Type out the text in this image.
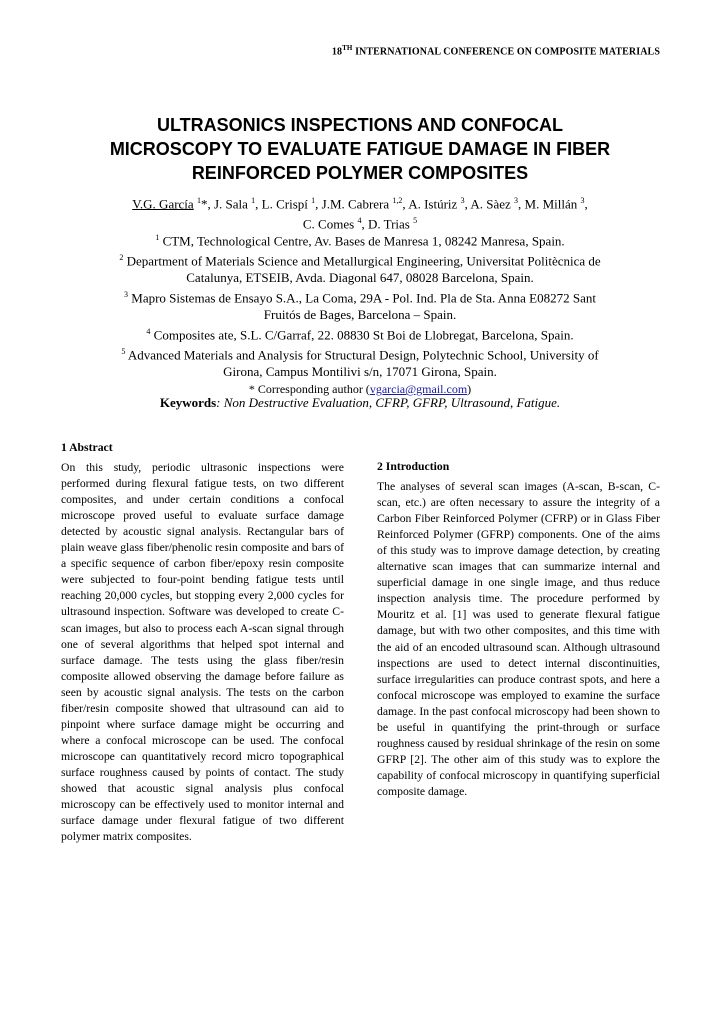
18TH INTERNATIONAL CONFERENCE ON COMPOSITE MATERIALS
ULTRASONICS INSPECTIONS AND CONFOCAL
MICROSCOPY TO EVALUATE FATIGUE DAMAGE IN FIBER
REINFORCED POLYMER COMPOSITES
V.G. García $^1$*, J. Sala $^1$, L. Crispí $^1$, J.M. Cabrera $^{1,2}$, A. Istúriz $^3$, A. Sàez $^3$, M. Millán $^3$,
C. Comes $^4$, D. Trias $^5$
$^1$ CTM, Technological Centre, Av. Bases de Manresa 1, 08242 Manresa, Spain.
$^2$ Department of Materials Science and Metallurgical Engineering, Universitat Politècnica de
Catalunya, ETSEIB, Avda. Diagonal 647, 08028 Barcelona, Spain.
$^3$ Mapro Sistemas de Ensayo S.A., La Coma, 29A - Pol. Ind. Pla de Sta. Anna E08272 Sant
Fruitós de Bages, Barcelona – Spain.
$^4$ Composites ate, S.L. C/Garraf, 22. 08830 St Boi de Llobregat, Barcelona, Spain.
$^5$ Advanced Materials and Analysis for Structural Design, Polytechnic School, University of
Girona, Campus Montilivi s/n, 17071 Girona, Spain.
* Corresponding author (vgarcia@gmail.com)
Keywords: Non Destructive Evaluation, CFRP, GFRP, Ultrasound, Fatigue.
1 Abstract

On this study, periodic ultrasonic inspections were performed during flexural fatigue tests, on two different composites, and under certain conditions a confocal microscope proved useful to evaluate surface damage detected by acoustic signal analysis. Rectangular bars of plain weave glass fiber/phenolic resin composite and bars of a specific sequence of carbon fiber/epoxy resin composite were subjected to four-point bending fatigue tests until reaching 20,000 cycles, but stopping every 2,000 cycles for ultrasound inspection. Software was developed to create C-scan images, but also to process each A-scan signal through one of several algorithms that helped spot internal and surface damage. The tests using the glass fiber/resin composite allowed observing the damage before failure as seen by acoustic signal analysis. The tests on the carbon fiber/resin composite showed that ultrasound can aid to pinpoint where surface damage might be occurring and where a confocal microscope can be used. The confocal microscope can quantitatively record micro topographical surface roughness caused by points of contact. The study showed that acoustic signal analysis plus confocal microscopy can be effectively used to monitor internal and surface damage under flexural fatigue of two different polymer matrix composites.

2 Introduction

The analyses of several scan images (A-scan, B-scan, C-scan, etc.) are often necessary to assure the integrity of a Carbon Fiber Reinforced Polymer (CFRP) or in Glass Fiber Reinforced Polymer (GFRP) components. One of the aims of this study was to improve damage detection, by creating alternative scan images that can summarize internal and superficial damage in one single image, and thus reduce inspection analysis time. The procedure performed by Mouritz et al. [1] was used to generate flexural fatigue damage, but with two other composites, and this time with the aid of an encoded ultrasound scan. Although ultrasound inspections are used to detect internal discontinuities, surface irregularities can produce contrast spots, and here a confocal microscope was employed to examine the surface damage. In the past confocal microscopy had been shown to be useful in quantifying the print-through or surface roughness caused by residual shrinkage of the resin on some GFRP [2]. The other aim of this study was to explore the capability of confocal microscopy in quantifying superficial composite damage.
